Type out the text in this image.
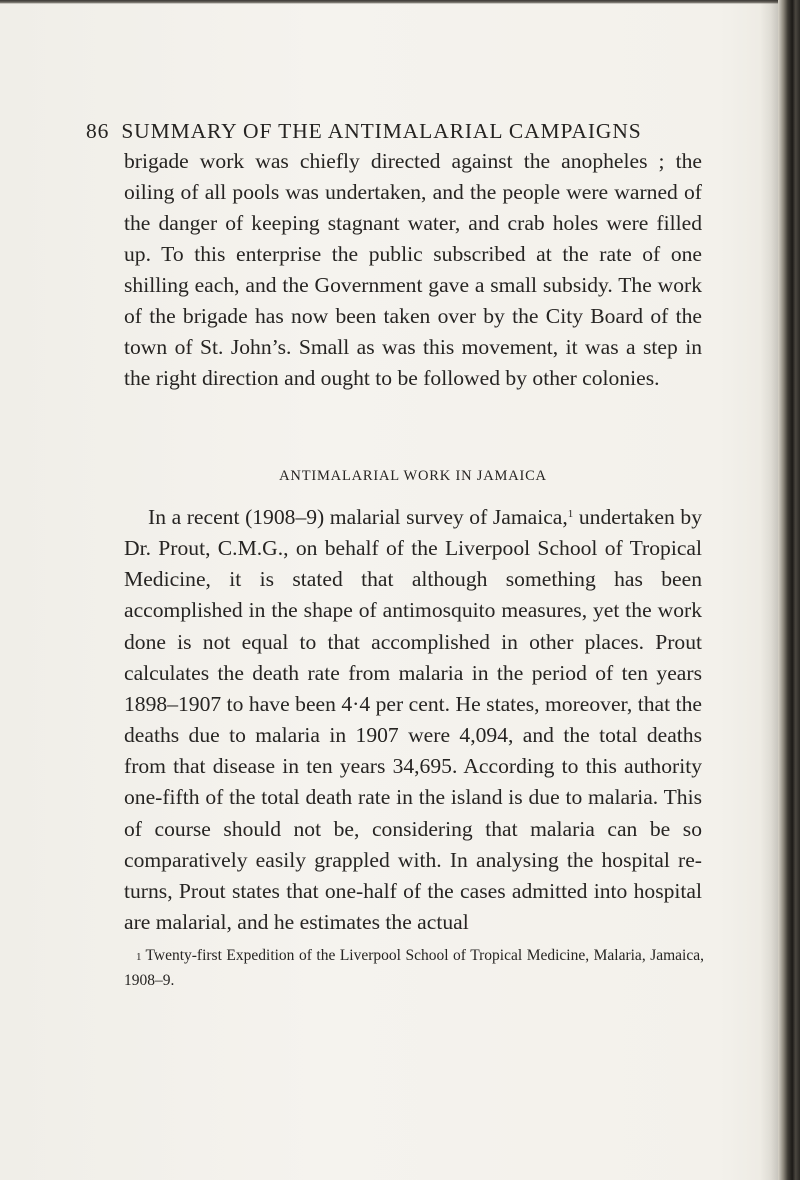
86 SUMMARY OF THE ANTIMALARIAL CAMPAIGNS

brigade work was chiefly directed against the anopheles ; the oiling of all pools was undertaken, and the people were warned of the danger of keeping stagnant water, and crab holes were filled up. To this enterprise the public subscribed at the rate of one shilling each, and the Government gave a small subsidy. The work of the brigade has now been taken over by the City Board of the town of St. John’s. Small as was this movement, it was a step in the right direction and ought to be followed by other colonies.

ANTIMALARIAL WORK IN JAMAICA

In a recent (1908–9) malarial survey of Jamaica,$^1$ undertaken by Dr. Prout, C.M.G., on behalf of the Liverpool School of Tropical Medicine, it is stated that although something has been accomplished in the shape of antimosquito measures, yet the work done is not equal to that accomplished in other places. Prout calculates the death rate from malaria in the period of ten years 1898–1907 to have been 4·4 per cent. He states, moreover, that the deaths due to malaria in 1907 were 4,094, and the total deaths from that disease in ten years 34,695. According to this authority one-fifth of the total death rate in the island is due to malaria. This of course should not be, considering that malaria can be so comparatively easily grappled with. In analysing the hospital returns, Prout states that one-half of the cases admitted into hospital are malarial, and he estimates the actual

1 Twenty-first Expedition of the Liverpool School of Tropical Medicine, Malaria, Jamaica, 1908–9.
